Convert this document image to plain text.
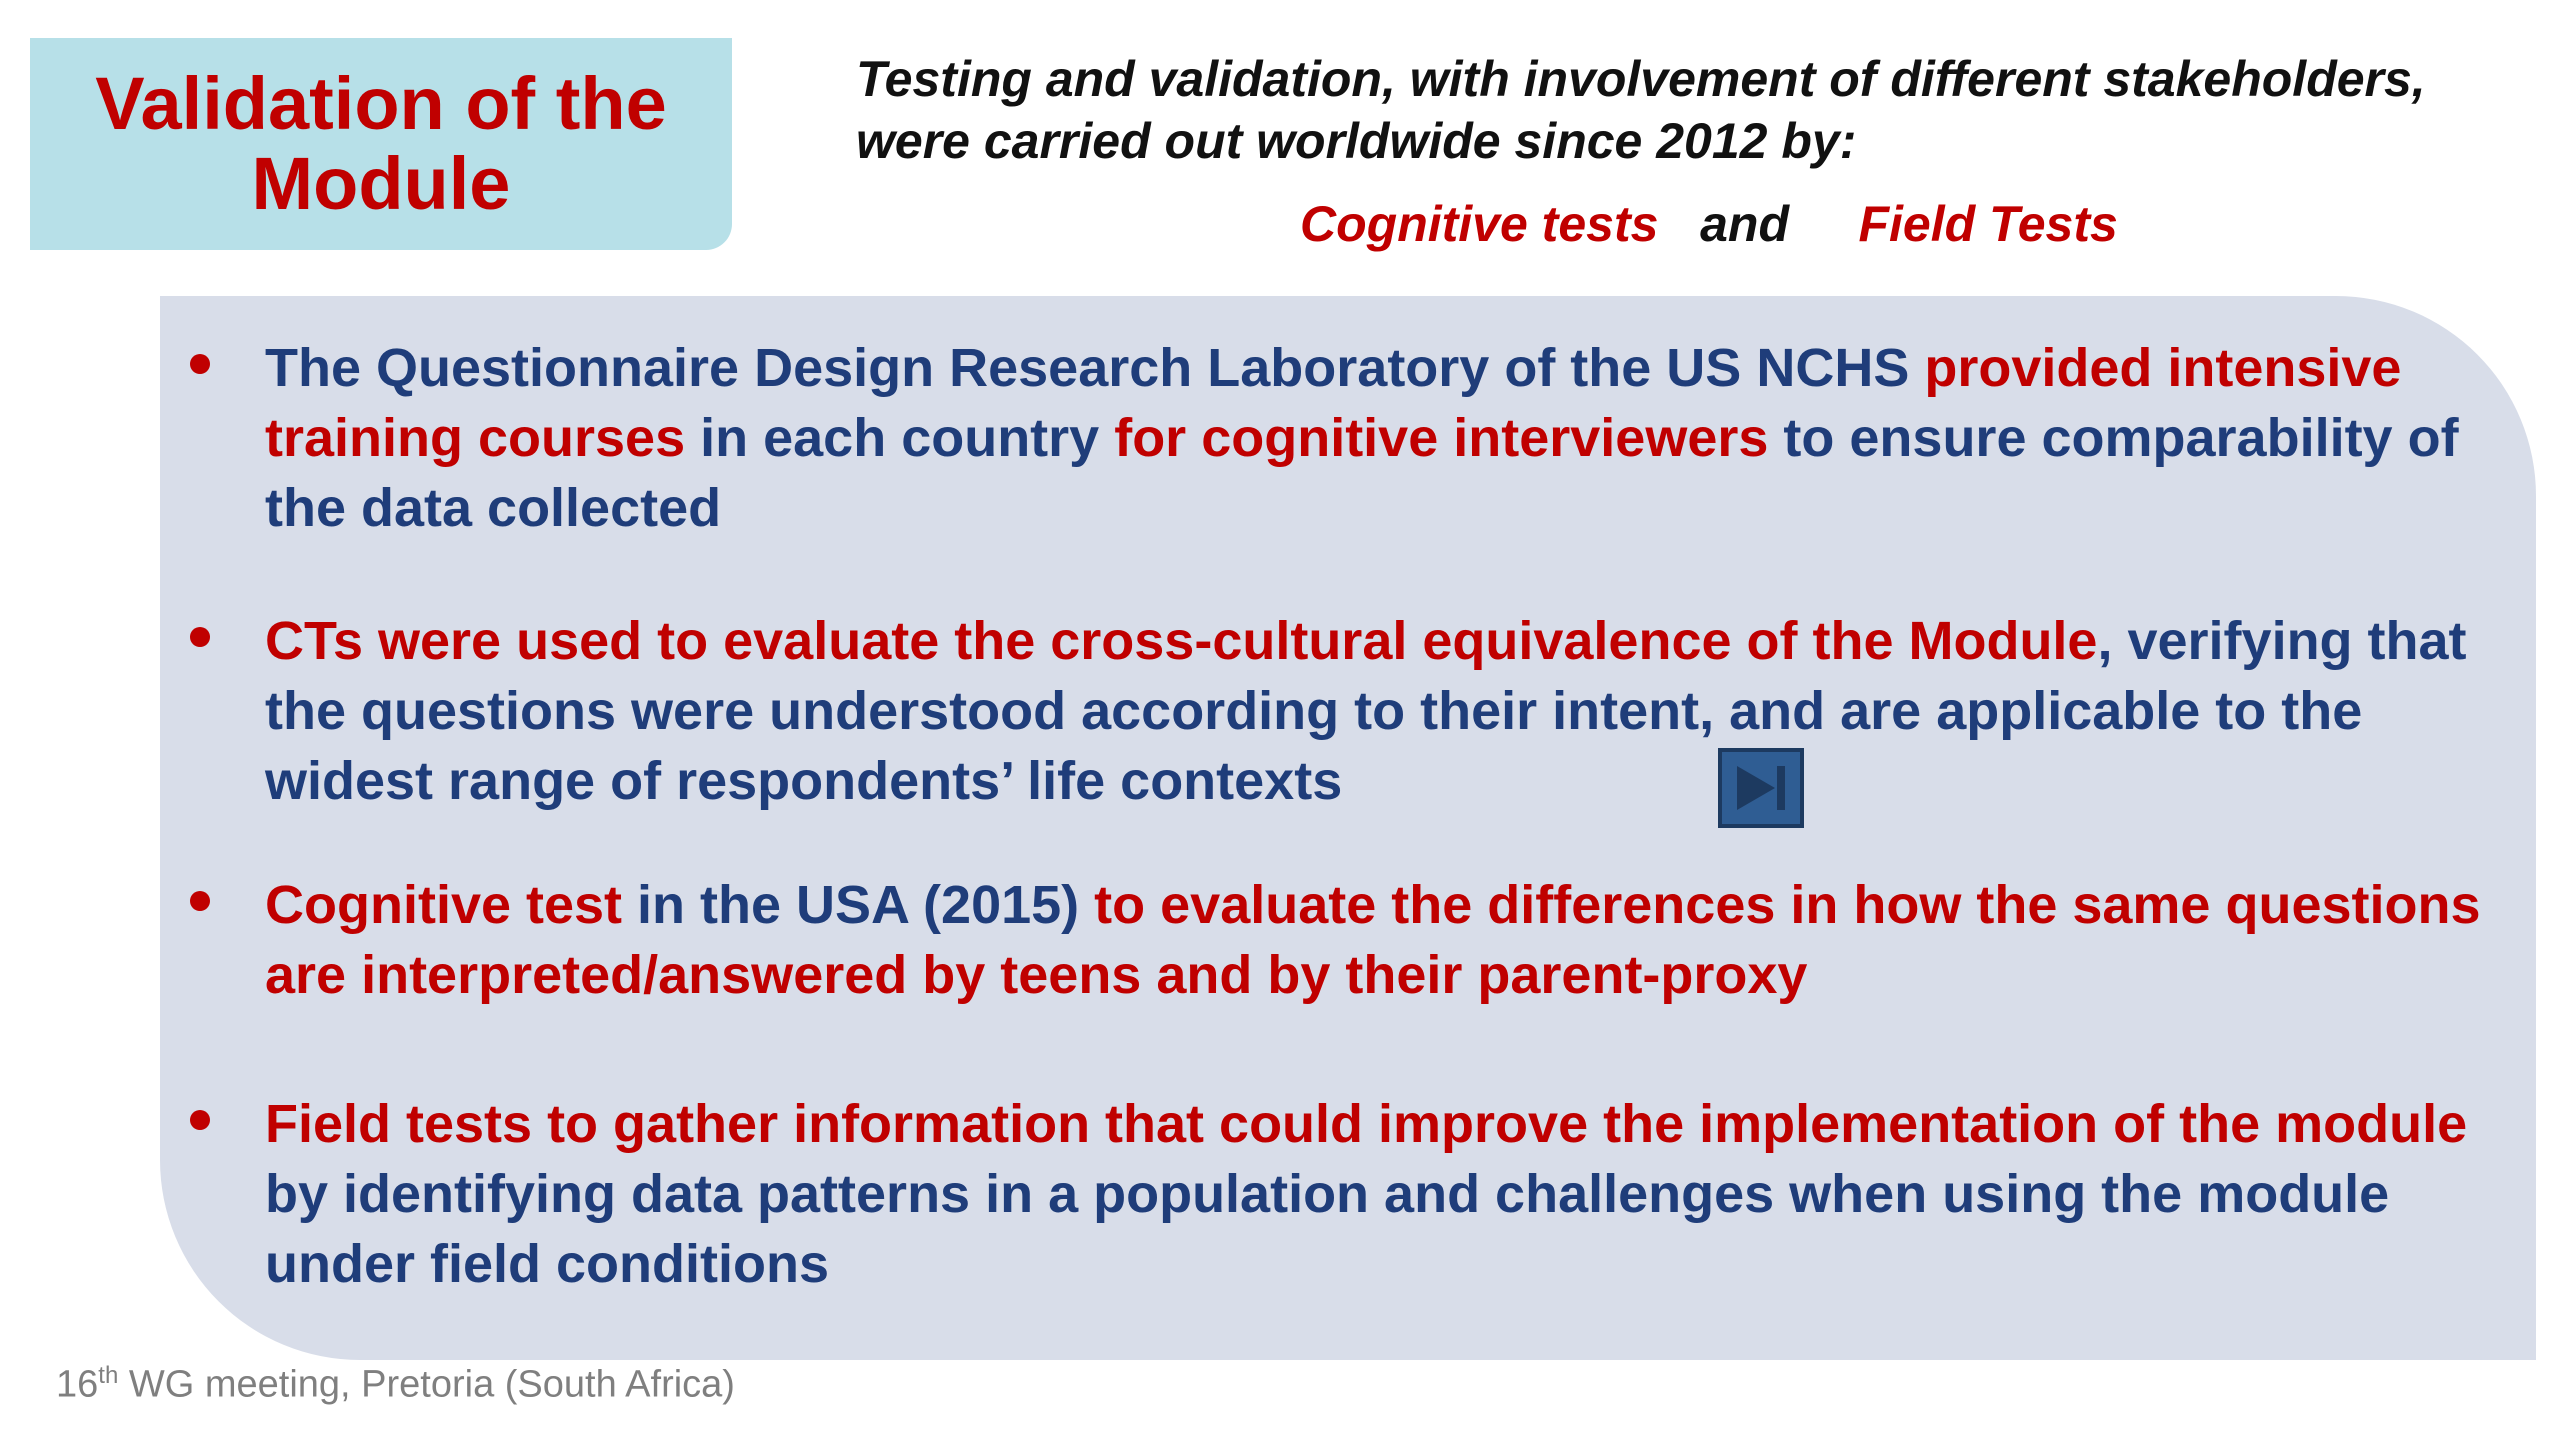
Validation of the
Module
Testing and validation, with involvement of different stakeholders,
were carried out worldwide since 2012 by:
Cognitive tests and Field Tests
The Questionnaire Design Research Laboratory of the US NCHS provided intensive training courses in each country for cognitive interviewers to ensure comparability of the data collected
CTs were used to evaluate the cross-cultural equivalence of the Module, verifying that the questions were understood according to their intent, and are applicable to the widest range of respondents’ life contexts
Cognitive test in the USA (2015) to evaluate the differences in how the same questions are interpreted/answered by teens and by their parent-proxy
Field tests to gather information that could improve the implementation of the module by identifying data patterns in a population and challenges when using the module under field conditions
16th WG meeting, Pretoria (South Africa)
